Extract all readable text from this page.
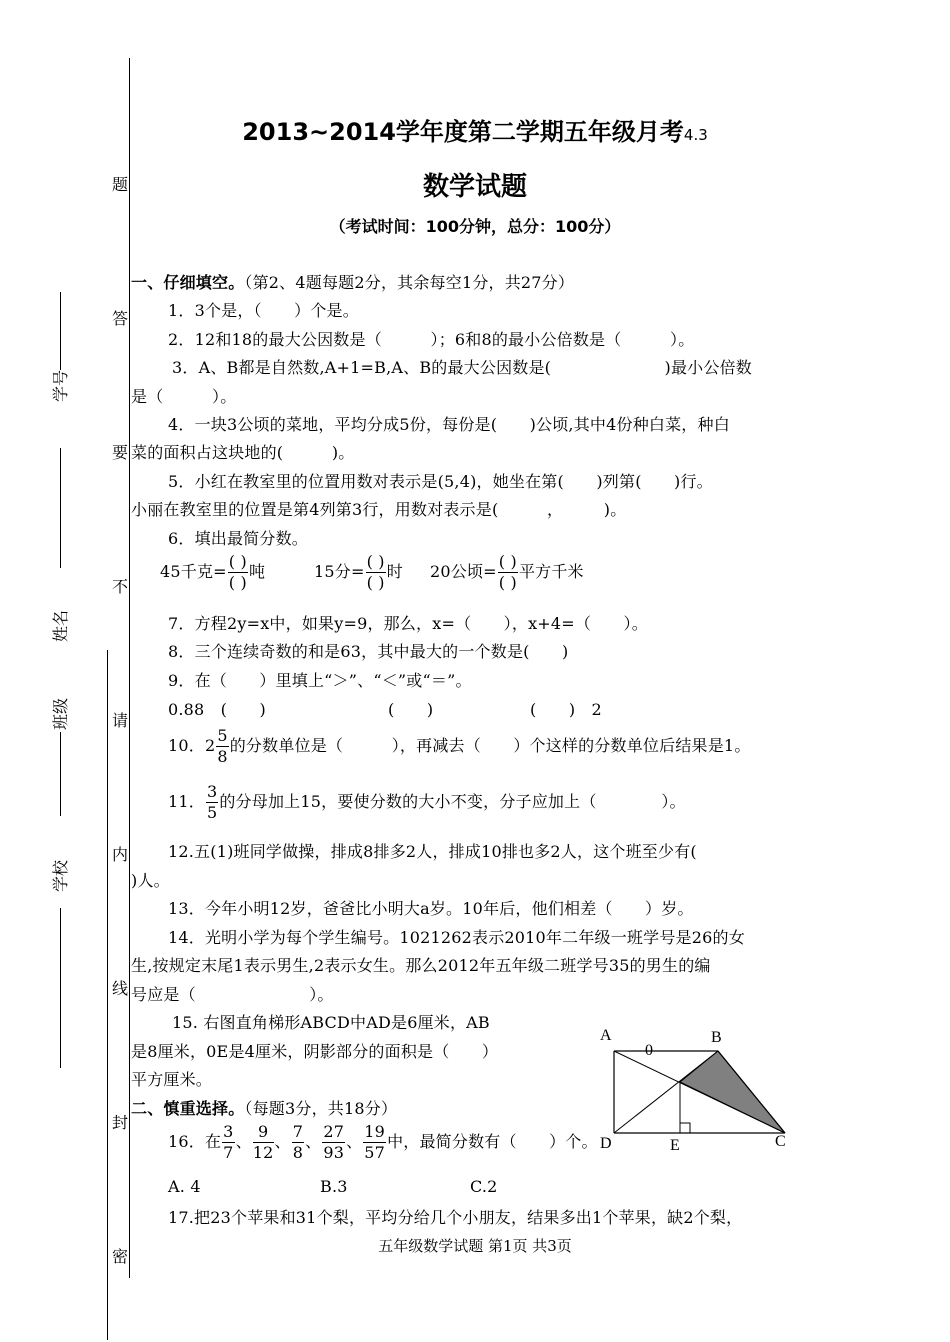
题
答
要
不
请
内
线
封
密
学号
姓名
班级
学校
2013~2014学年度第二学期五年级月考4.3
数学试题
（考试时间：100分钟，总分：100分）
一、仔细填空。（第2、4题每题2分，其余每空1分，共27分）
1．3个是，（　　）个是。
2．12和18的最大公因数是（　　　）；6和8的最小公倍数是（　　　）。
3．A、B都是自然数,A+1=B,A、B的最大公因数是(　　　　　　　)最小公倍数
是（　　　）。
4．一块3公顷的菜地，平均分成5份，每份是(　　)公顷,其中4份种白菜，种白
菜的面积占这块地的(　　　)。
5．小红在教室里的位置用数对表示是(5,4)，她坐在第(　　)列第(　　)行。
小丽在教室里的位置是第4列第3行，用数对表示是(　　　，　　　)。
6．填出最简分数。
45千克= $\frac{( )}{( )}$ 吨	15分= $\frac{( )}{( )}$ 时 20公顷= $\frac{( )}{( )}$ 平方千米
7．方程2y=x中，如果y=9，那么，x=（　　），x+4=（　　）。
8．三个连续奇数的和是63，其中最大的一个数是(　　)
9．在（　　）里填上“＞”、“＜”或“＝”。
0.88　(　　)	(　　)	(　　)　2
10．$2 \frac{5}{8}$ 的分数单位是（　　　），再减去（　　）个这样的分数单位后结果是1。
11． $\frac{3}{5}$ 的分母加上15，要使分数的大小不变，分子应加上（　　　　）。
12.五(1)班同学做操，排成8排多2人，排成10排也多2人，这个班至少有(
)人。
13．今年小明12岁，爸爸比小明大a岁。10年后，他们相差（　　）岁。
14．光明小学为每个学生编号。1021262表示2010年二年级一班学号是26的女
生,按规定末尾1表示男生,2表示女生。那么2012年五年级二班学号35的男生的编
号应是（　　　　　　　）。
15. 右图直角梯形ABCD中AD是6厘米，AB
是8厘米，0E是4厘米，阴影部分的面积是（　　）
平方厘米。
A
0
B
D	E	C
二、慎重选择。（每题3分，共18分）
16．在 $\frac{3}{7}$ 、 $\frac{9}{12}$ 、 $\frac{7}{8}$ 、 $\frac{27}{93}$ 、 $\frac{19}{57}$ 中，最简分数有（　　）个。
A. 4	B.3	C.2
17.把23个苹果和31个梨，平均分给几个小朋友，结果多出1个苹果，缺2个梨，
五年级数学试题 第1页 共3页
